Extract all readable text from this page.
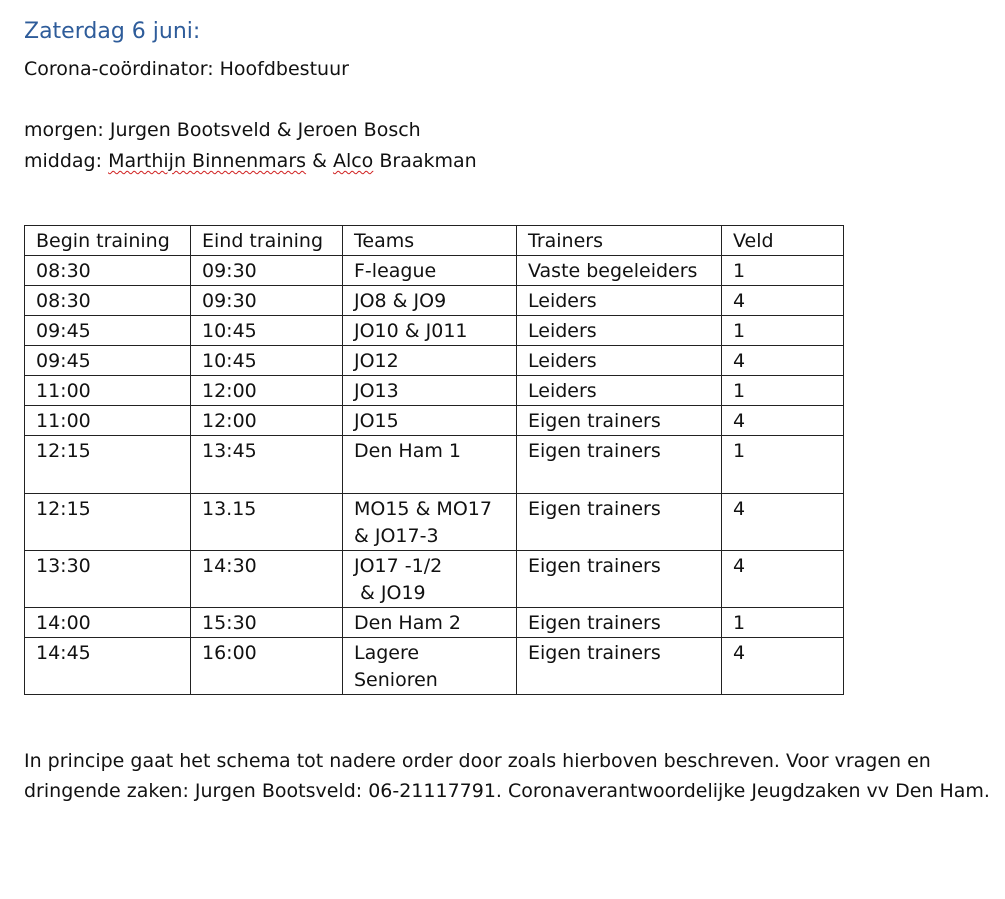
Zaterdag 6 juni:
Corona-coördinator: Hoofdbestuur
morgen: Jurgen Bootsveld & Jeroen Bosch
middag: Marthijn Binnenmars & Alco Braakman
Begin training	Eind training	Teams	Trainers	Veld
08:30	09:30	F-league	Vaste begeleiders	1
08:30	09:30	JO8 & JO9	Leiders	4
09:45	10:45	JO10 & J011	Leiders	1
09:45	10:45	JO12	Leiders	4
11:00	12:00	JO13	Leiders	1
11:00	12:00	JO15	Eigen trainers	4
12:15	13:45	Den Ham 1	Eigen trainers	1
12:15	13.15	MO15 & MO17
& JO17-3	Eigen trainers	4
13:30	14:30	JO17 -1/2
& JO19	Eigen trainers	4
14:00	15:30	Den Ham 2	Eigen trainers	1
14:45	16:00	Lagere
Senioren	Eigen trainers	4
In principe gaat het schema tot nadere order door zoals hierboven beschreven. Voor vragen en
dringende zaken: Jurgen Bootsveld: 06-21117791. Coronaverantwoordelijke Jeugdzaken vv Den Ham.
